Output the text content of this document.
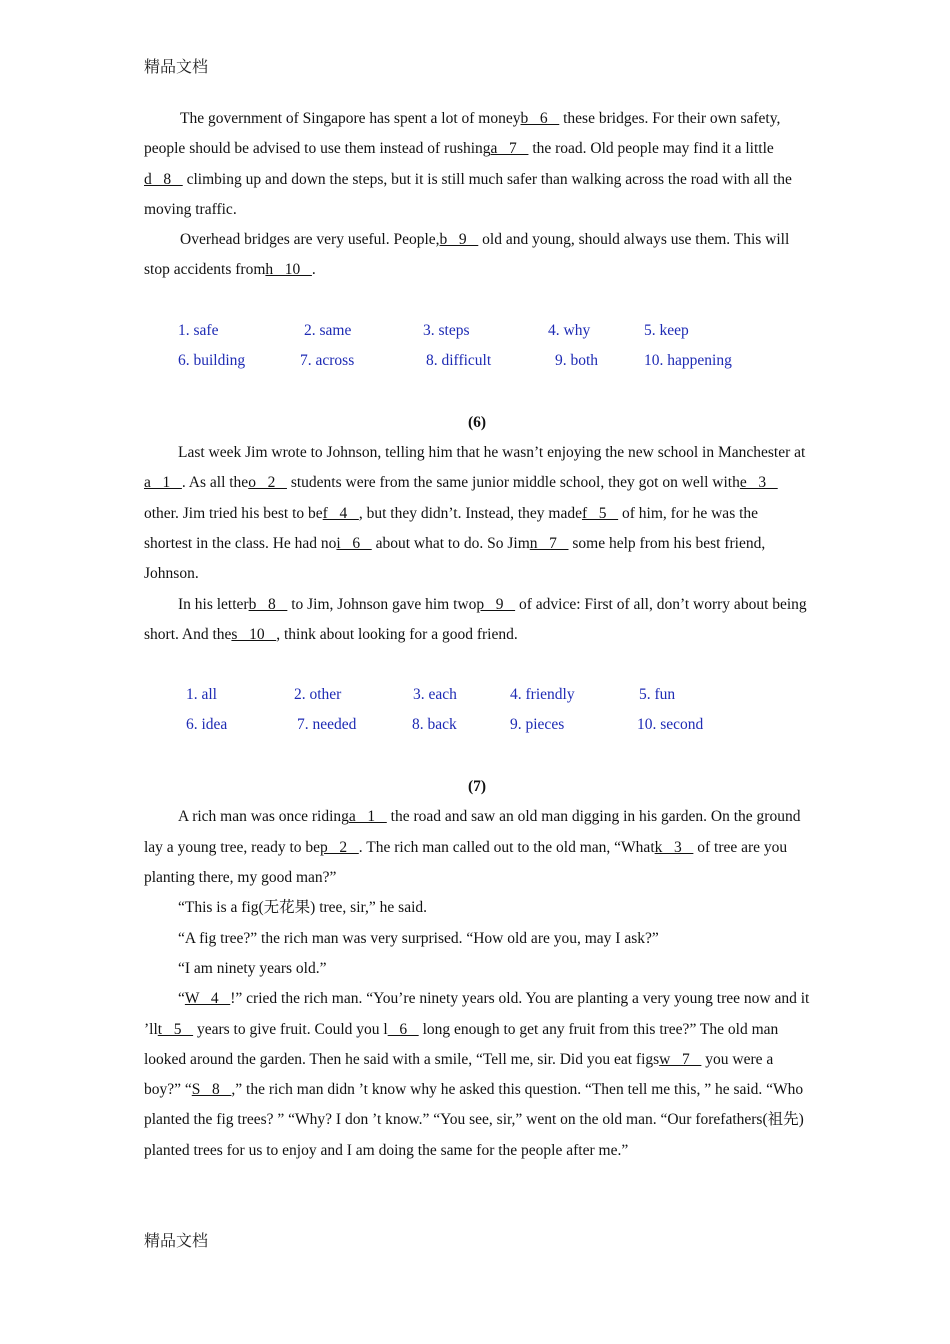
精品文档

The government of Singapore has spent a lot of moneyb   6    these bridges. For their own safety, people should be advised to use them instead of rushinga   7    the road. Old people may find it a littled   8    climbing up and down the steps, but it is still much safer than walking across the road with all the moving traffic.

Overhead bridges are very useful. People,b   9    old and young, should always use them. This will stop accidents fromh   10   .

1. safe	2. same	3. steps	4. why	5. keep
6. building	7. across	8. difficult	9. both	10. happening

(6)

Last week Jim wrote to Johnson, telling him that he wasn’t enjoying the new school in Manchester ata   1   . As all theo   2    students were from the same junior middle school, they got on well withe   3    other. Jim tried his best to bef   4   , but they didn’t. Instead, they madef   5    of him, for he was the shortest in the class. He had noi   6    about what to do. So Jimn   7    some help from his best friend, Johnson.

In his letterb   8    to Jim, Johnson gave him twop   9    of advice: First of all, don’t worry about being short. And thes   10   , think about looking for a good friend.

1. all	2. other	3. each	4. friendly	5. fun
6. idea	7. needed	8. back	9. pieces	10. second

(7)

A rich man was once ridinga   1    the road and saw an old man digging in his garden. On the ground lay a young tree, ready to bep   2   . The rich man called out to the old man, “Whatk   3    of tree are you planting there, my good man?”

“This is a fig(无花果) tree, sir,” he said.

“A fig tree?” the rich man was very surprised. “How old are you, may I ask?”

“I am ninety years old.”

“W   4   !” cried the rich man. “You’re ninety years old. You are planting a very young tree now and it ’llt   5    years to give fruit. Could you l   6    long enough to get any fruit from this tree?” The old man looked around the garden. Then he said with a smile, “Tell me, sir. Did you eat figsw   7    you were a boy?” “S   8   ,” the rich man didn ’t know why he asked this question. “Then tell me this, ” he said. “Who planted the fig trees? ” “Why? I don ’t know.” “You see, sir,” went on the old man. “Our forefathers(祖先) planted trees for us to enjoy and I am doing the same for the people after me.”

精品文档
